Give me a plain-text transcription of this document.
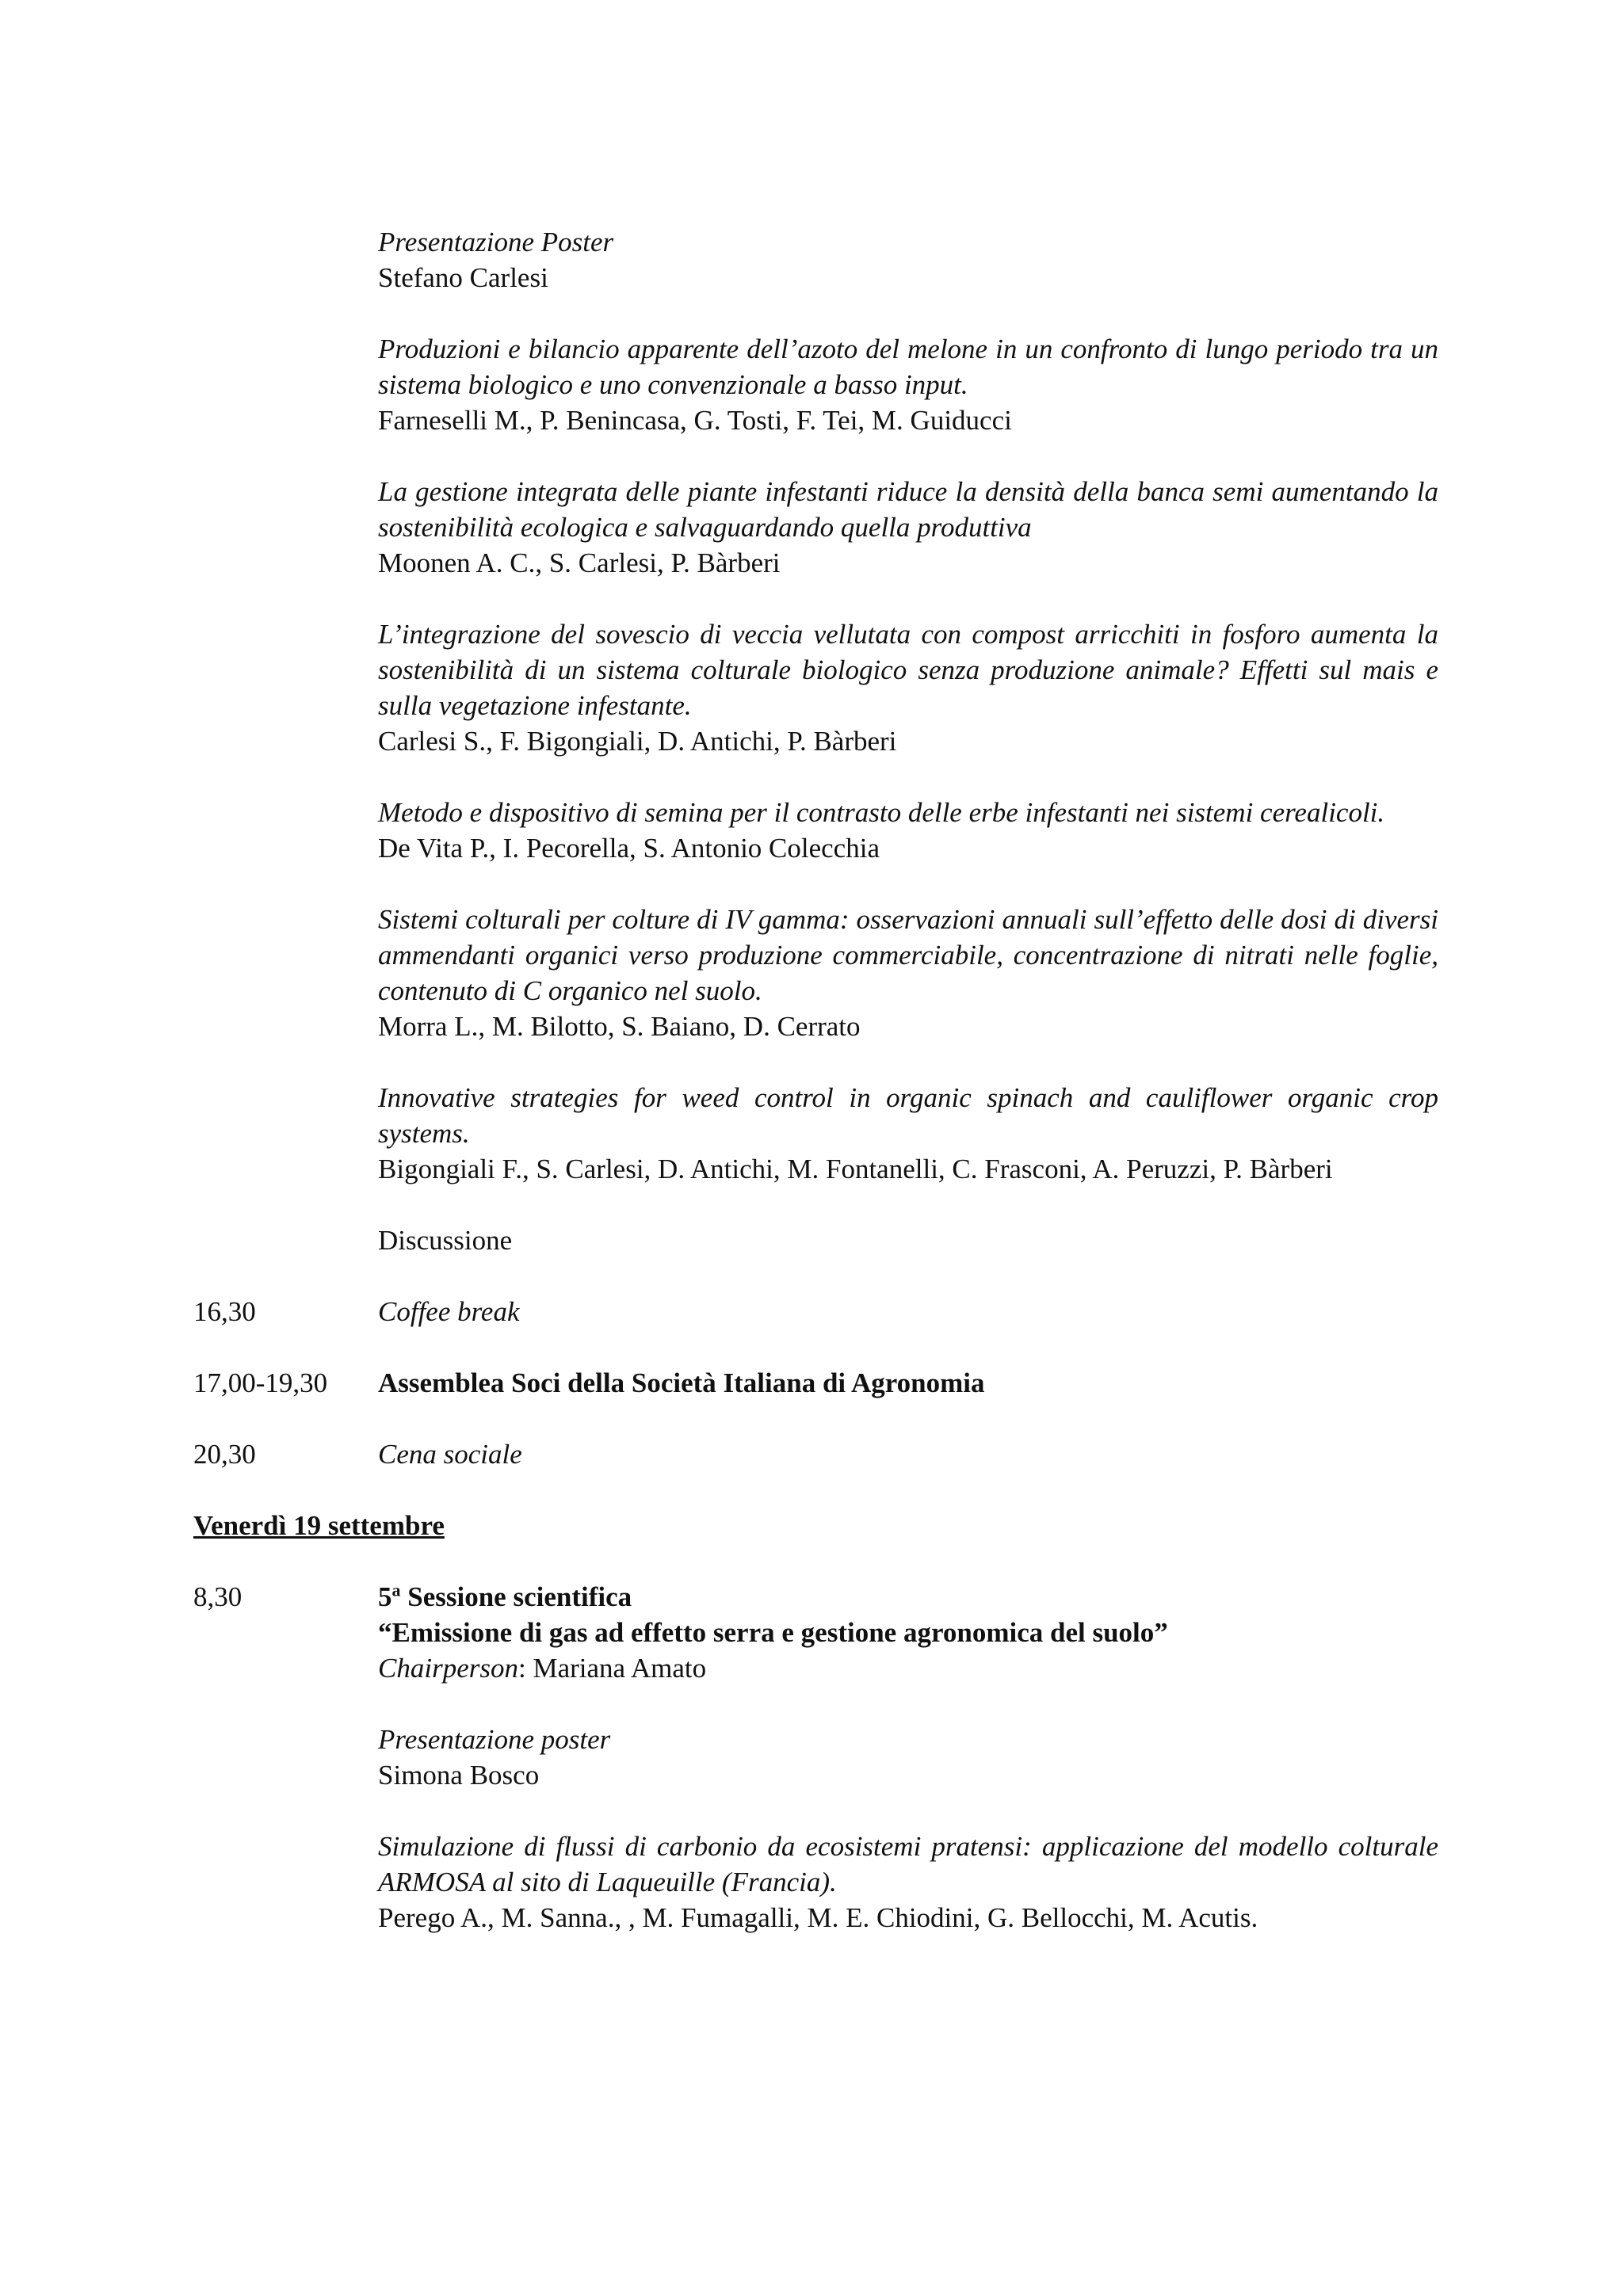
Presentazione Poster

Stefano Carlesi

Produzioni e bilancio apparente dell’azoto del melone in un confronto di lungo periodo tra un sistema biologico e uno convenzionale a basso input.

Farneselli M., P. Benincasa, G. Tosti, F. Tei, M. Guiducci

La gestione integrata delle piante infestanti riduce la densità della banca semi aumentando la sostenibilità ecologica e salvaguardando quella produttiva

Moonen A. C., S. Carlesi, P. Bàrberi

L’integrazione del sovescio di veccia vellutata con compost arricchiti in fosforo aumenta la sostenibilità di un sistema colturale biologico senza produzione animale? Effetti sul mais e sulla vegetazione infestante.

Carlesi S., F. Bigongiali, D. Antichi, P. Bàrberi

Metodo e dispositivo di semina per il contrasto delle erbe infestanti nei sistemi cerealicoli.

De Vita P., I. Pecorella, S. Antonio Colecchia

Sistemi colturali per colture di IV gamma: osservazioni annuali sull’effetto delle dosi di diversi ammendanti organici verso produzione commerciabile, concentrazione di nitrati nelle foglie, contenuto di C organico nel suolo.

Morra L., M. Bilotto, S. Baiano, D. Cerrato

Innovative strategies for weed control in organic spinach and cauliflower organic crop systems.

Bigongiali F., S. Carlesi, D. Antichi, M. Fontanelli, C. Frasconi, A. Peruzzi, P. Bàrberi

Discussione

16,30	Coffee break
17,00-19,30 Assemblea Soci della Società Italiana di Agronomia
20,30	Cena sociale

Venerdì 19 settembre

8,30	5$^a$ Sessione scientifica

“Emissione di gas ad effetto serra e gestione agronomica del suolo”

Chairperson: Mariana Amato

Presentazione poster

Simona Bosco

Simulazione di flussi di carbonio da ecosistemi pratensi: applicazione del modello colturale ARMOSA al sito di Laqueuille (Francia).

Perego A., M. Sanna., , M. Fumagalli, M. E. Chiodini, G. Bellocchi, M. Acutis.
